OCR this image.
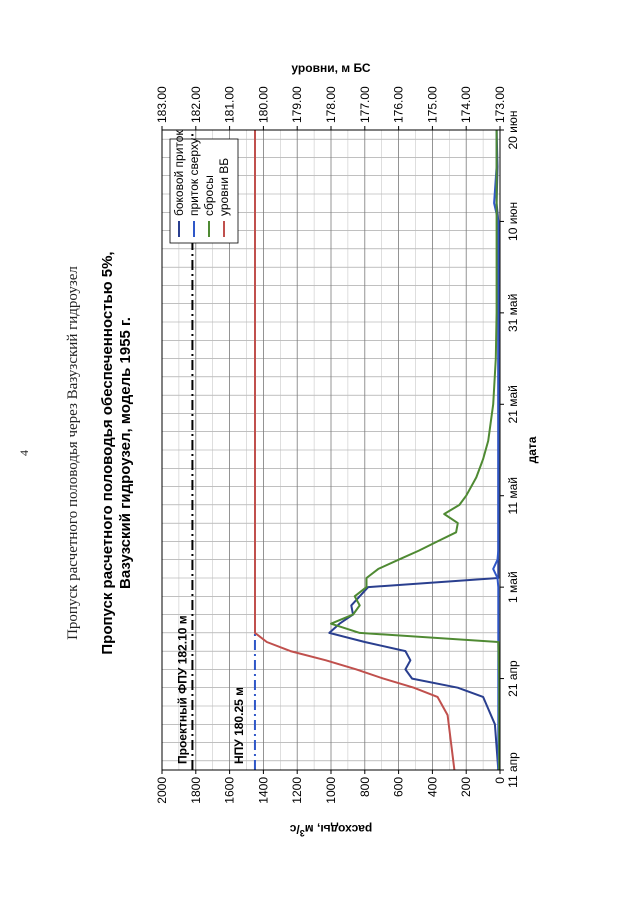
4 Пропуск расчетного половодья через Вазузский гидроузел Пропуск расчетного половодья обеспеченностью 5%, Вазузский гидроузел, модель 1955 г.
Проектный ФПУ 182.10 м	НПУ 180.25 м
0
200
400
600
800
1000
1200
1400
1600
1800
2000
173.00
174.00
175.00
176.00
177.00
178.00
179.00
180.00
181.00
182.00
183.00
11 апр
21 апр
1 май
11 май
21 май
31 май
10 июн
20 июн
дата
расходы, $м^3/с$
уровни, м БС
боковой приток приток сверху сбросы уровни ВБ
